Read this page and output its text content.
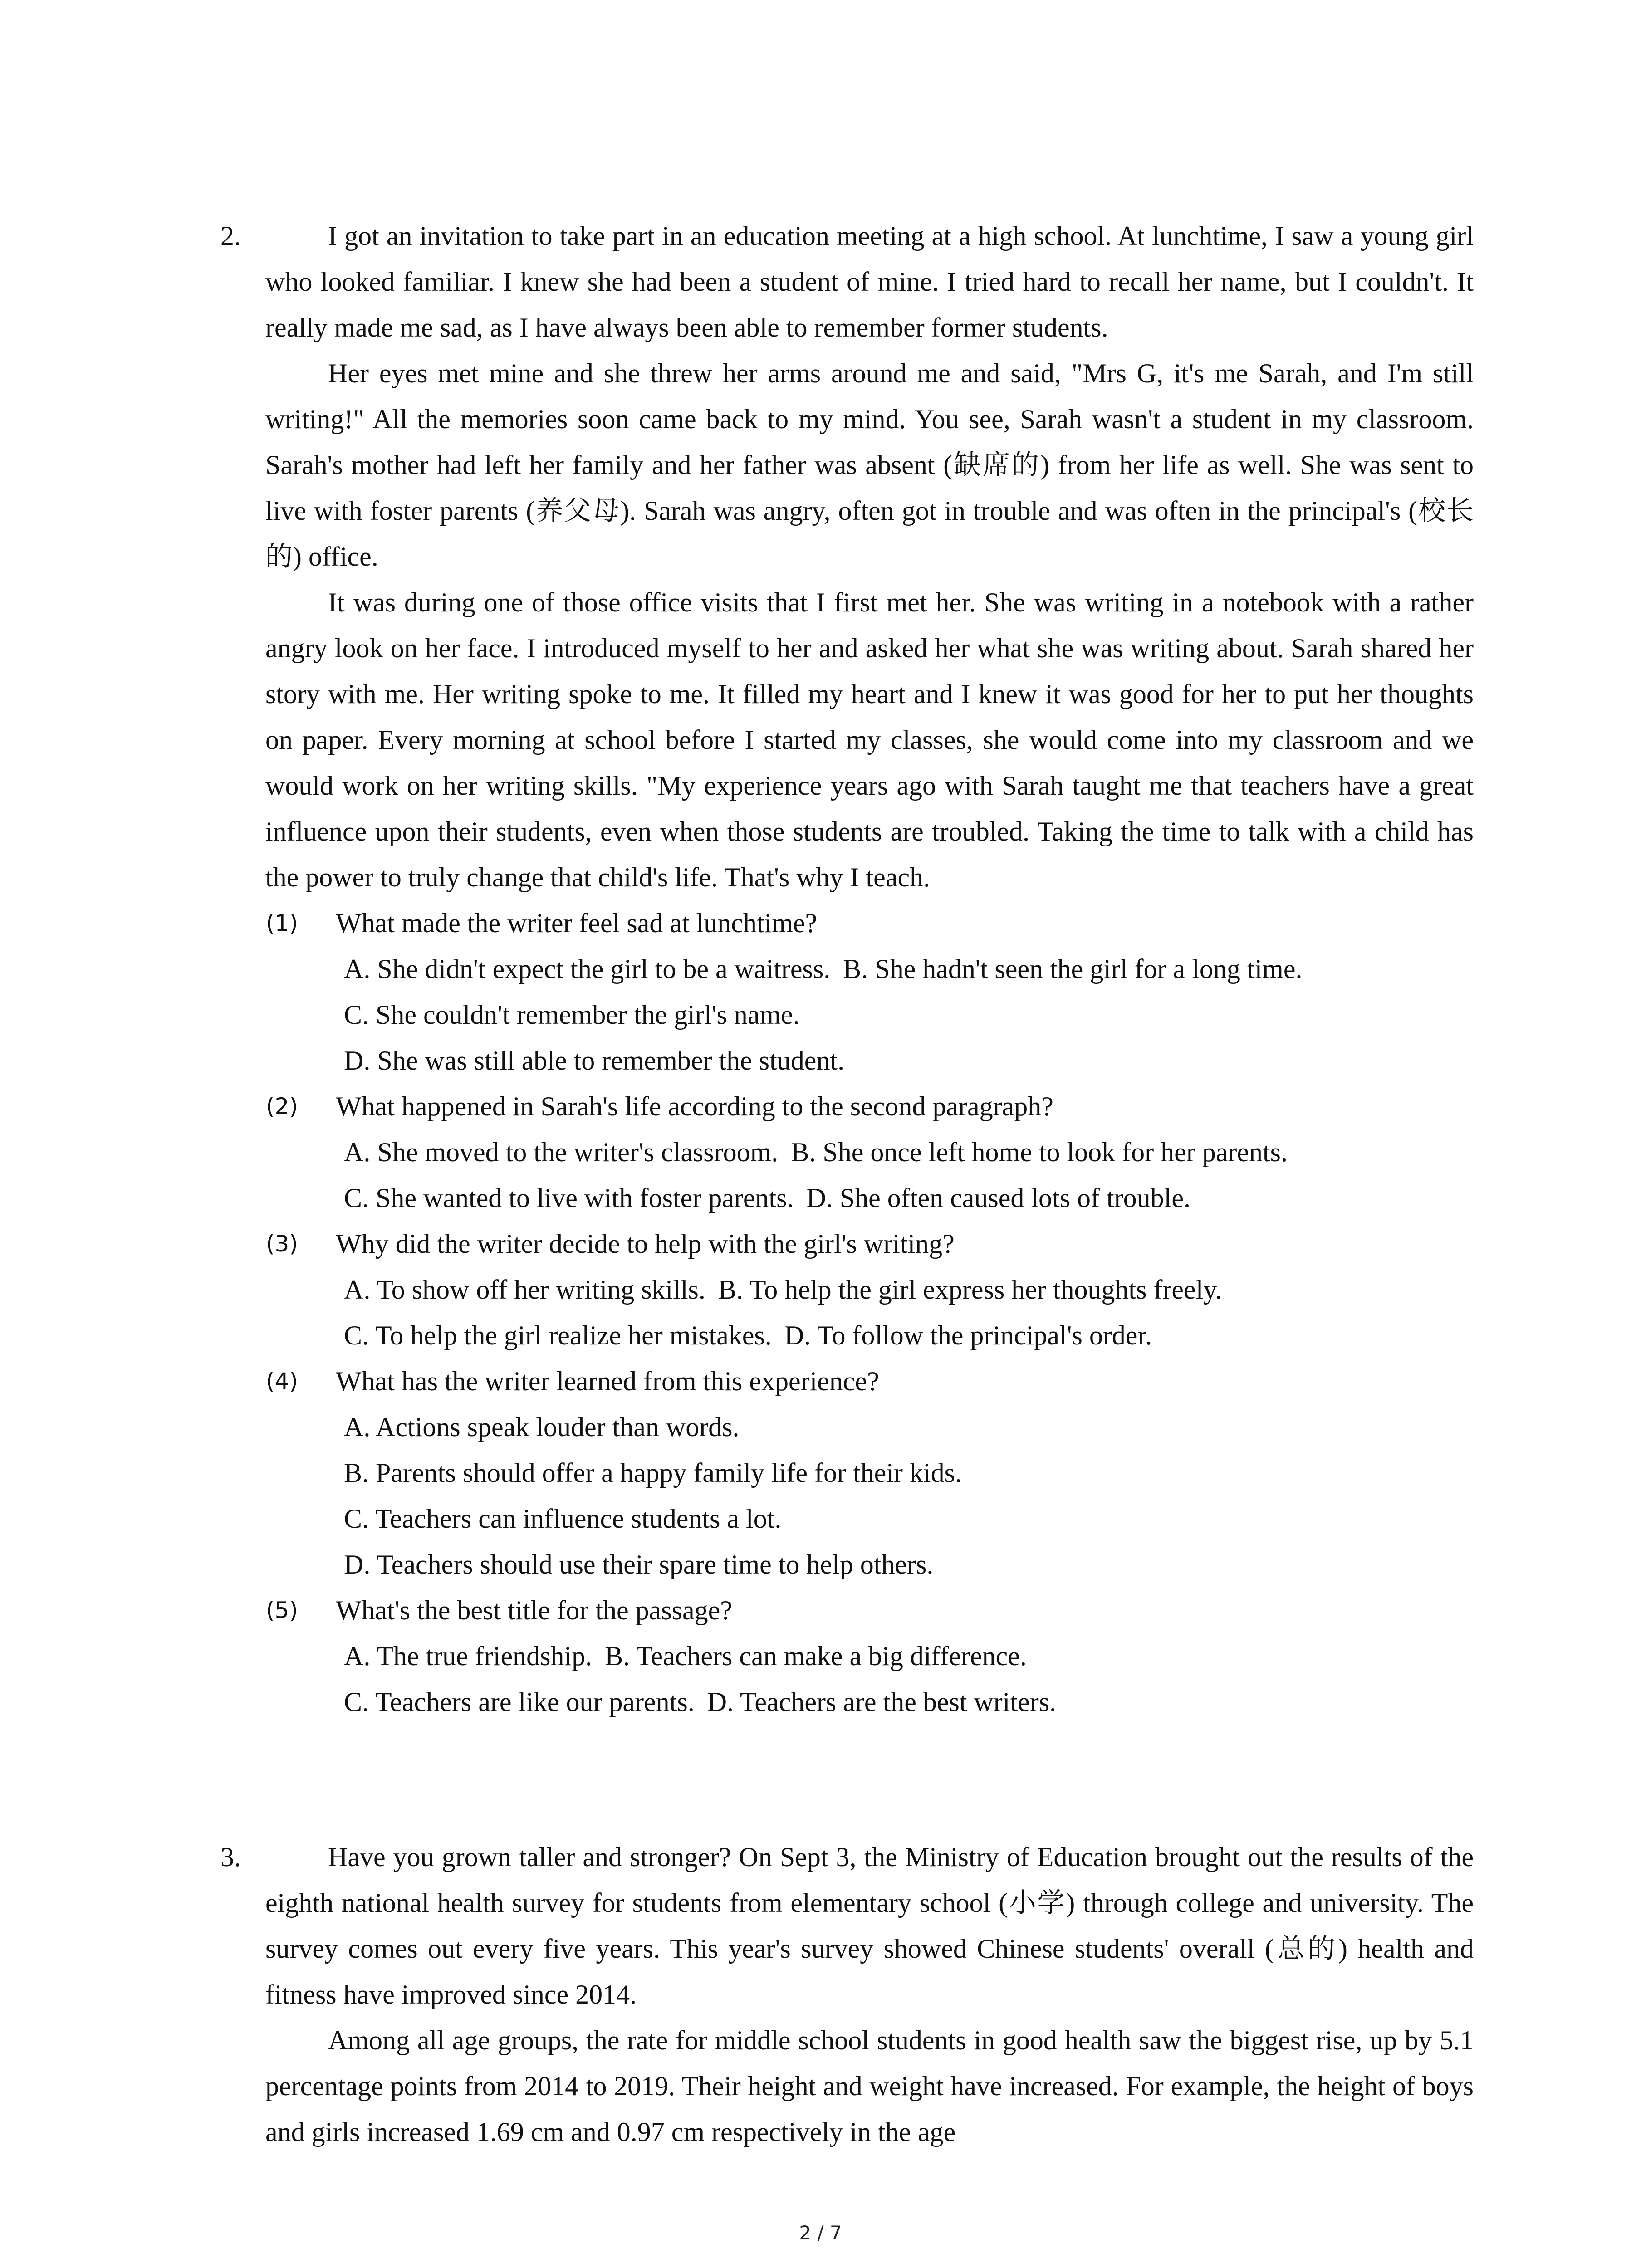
2.	I got an invitation to take part in an education meeting at a high school. At lunchtime, I saw a young girl who looked familiar. I knew she had been a student of mine. I tried hard to recall her name, but I couldn't. It really made me sad, as I have always been able to remember former students.

Her eyes met mine and she threw her arms around me and said, "Mrs G, it's me Sarah, and I'm still writing!" All the memories soon came back to my mind. You see, Sarah wasn't a student in my classroom. Sarah's mother had left her family and her father was absent (缺席的) from her life as well. She was sent to live with foster parents (养父母). Sarah was angry, often got in trouble and was often in the principal's (校长的) office.

It was during one of those office visits that I first met her. She was writing in a notebook with a rather angry look on her face. I introduced myself to her and asked her what she was writing about. Sarah shared her story with me. Her writing spoke to me. It filled my heart and I knew it was good for her to put her thoughts on paper. Every morning at school before I started my classes, she would come into my classroom and we would work on her writing skills. "My experience years ago with Sarah taught me that teachers have a great influence upon their students, even when those students are troubled. Taking the time to talk with a child has the power to truly change that child's life. That's why I teach.

(1) What made the writer feel sad at lunchtime?
A. She didn't expect the girl to be a waitress. B. She hadn't seen the girl for a long time.
C. She couldn't remember the girl's name.
D. She was still able to remember the student.
(2) What happened in Sarah's life according to the second paragraph?
A. She moved to the writer's classroom. B. She once left home to look for her parents.
C. She wanted to live with foster parents. D. She often caused lots of trouble.
(3) Why did the writer decide to help with the girl's writing?
A. To show off her writing skills. B. To help the girl express her thoughts freely.
C. To help the girl realize her mistakes. D. To follow the principal's order.
(4) What has the writer learned from this experience?
A. Actions speak louder than words.
B. Parents should offer a happy family life for their kids.
C. Teachers can influence students a lot.
D. Teachers should use their spare time to help others.
(5) What's the best title for the passage?
A. The true friendship. B. Teachers can make a big difference.
C. Teachers are like our parents. D. Teachers are the best writers.
3.	Have you grown taller and stronger? On Sept 3, the Ministry of Education brought out the results of the eighth national health survey for students from elementary school (小学) through college and university. The survey comes out every five years. This year's survey showed Chinese students' overall (总的) health and fitness have improved since 2014.

Among all age groups, the rate for middle school students in good health saw the biggest rise, up by 5.1 percentage points from 2014 to 2019. Their height and weight have increased. For example, the height of boys and girls increased 1.69 cm and 0.97 cm respectively in the age

2 / 7
